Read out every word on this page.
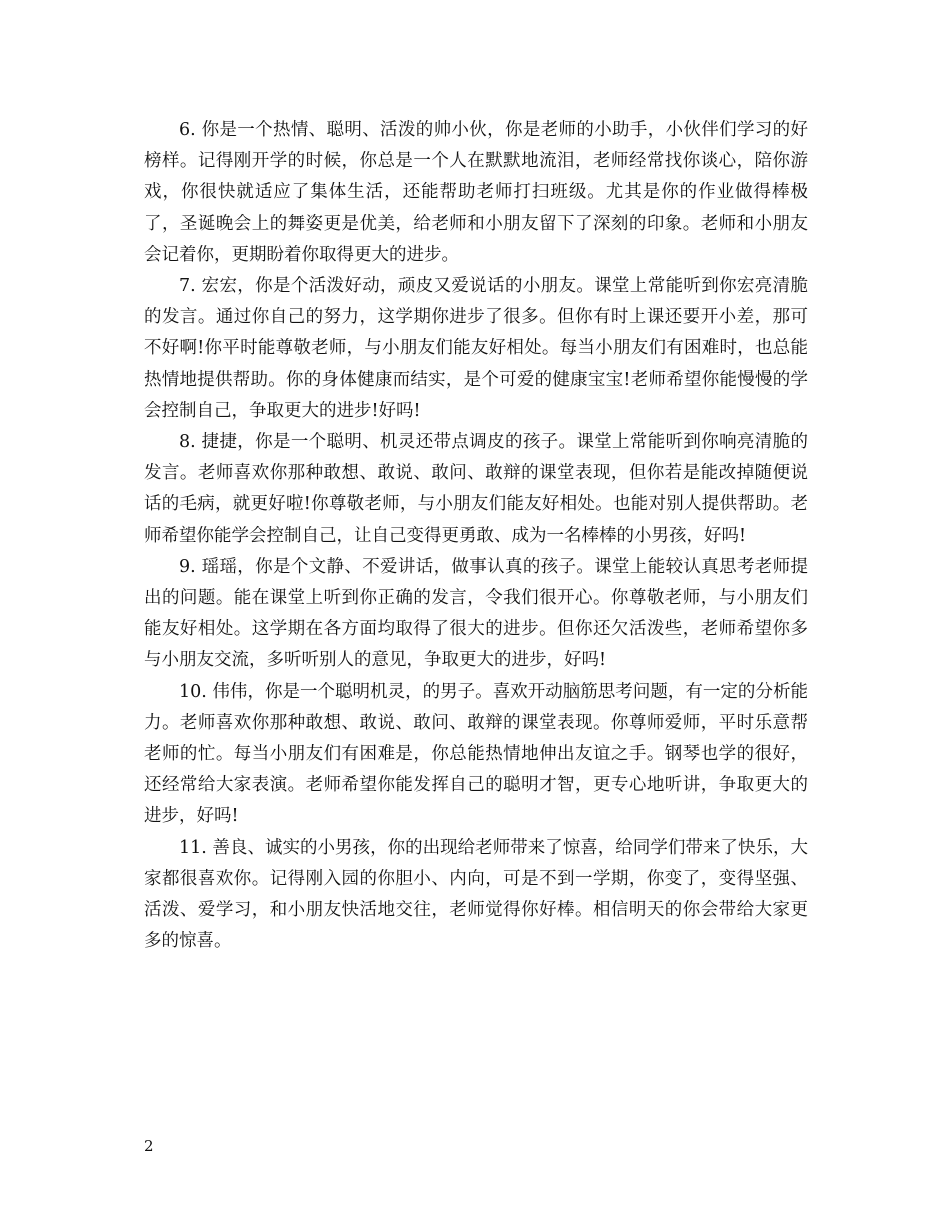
6. 你是一个热情、聪明、活泼的帅小伙，你是老师的小助手，小伙伴们学习的好榜样。记得刚开学的时候，你总是一个人在默默地流泪，老师经常找你谈心，陪你游戏，你很快就适应了集体生活，还能帮助老师打扫班级。尤其是你的作业做得棒极了，圣诞晚会上的舞姿更是优美，给老师和小朋友留下了深刻的印象。老师和小朋友会记着你，更期盼着你取得更大的进步。

7. 宏宏，你是个活泼好动，顽皮又爱说话的小朋友。课堂上常能听到你宏亮清脆的发言。通过你自己的努力，这学期你进步了很多。但你有时上课还要开小差，那可不好啊!你平时能尊敬老师，与小朋友们能友好相处。每当小朋友们有困难时，也总能热情地提供帮助。你的身体健康而结实，是个可爱的健康宝宝!老师希望你能慢慢的学会控制自己，争取更大的进步!好吗!

8. 捷捷，你是一个聪明、机灵还带点调皮的孩子。课堂上常能听到你响亮清脆的发言。老师喜欢你那种敢想、敢说、敢问、敢辩的课堂表现，但你若是能改掉随便说话的毛病，就更好啦!你尊敬老师，与小朋友们能友好相处。也能对别人提供帮助。老师希望你能学会控制自己，让自己变得更勇敢、成为一名棒棒的小男孩，好吗!

9. 瑶瑶，你是个文静、不爱讲话，做事认真的孩子。课堂上能较认真思考老师提出的问题。能在课堂上听到你正确的发言，令我们很开心。你尊敬老师，与小朋友们能友好相处。这学期在各方面均取得了很大的进步。但你还欠活泼些，老师希望你多与小朋友交流，多听听别人的意见，争取更大的进步，好吗!

10. 伟伟，你是一个聪明机灵，的男子。喜欢开动脑筋思考问题，有一定的分析能力。老师喜欢你那种敢想、敢说、敢问、敢辩的课堂表现。你尊师爱师，平时乐意帮老师的忙。每当小朋友们有困难是，你总能热情地伸出友谊之手。钢琴也学的很好，还经常给大家表演。老师希望你能发挥自己的聪明才智，更专心地听讲，争取更大的进步，好吗!

11. 善良、诚实的小男孩，你的出现给老师带来了惊喜，给同学们带来了快乐，大家都很喜欢你。记得刚入园的你胆小、内向，可是不到一学期，你变了，变得坚强、活泼、爱学习，和小朋友快活地交往，老师觉得你好棒。相信明天的你会带给大家更多的惊喜。

2
